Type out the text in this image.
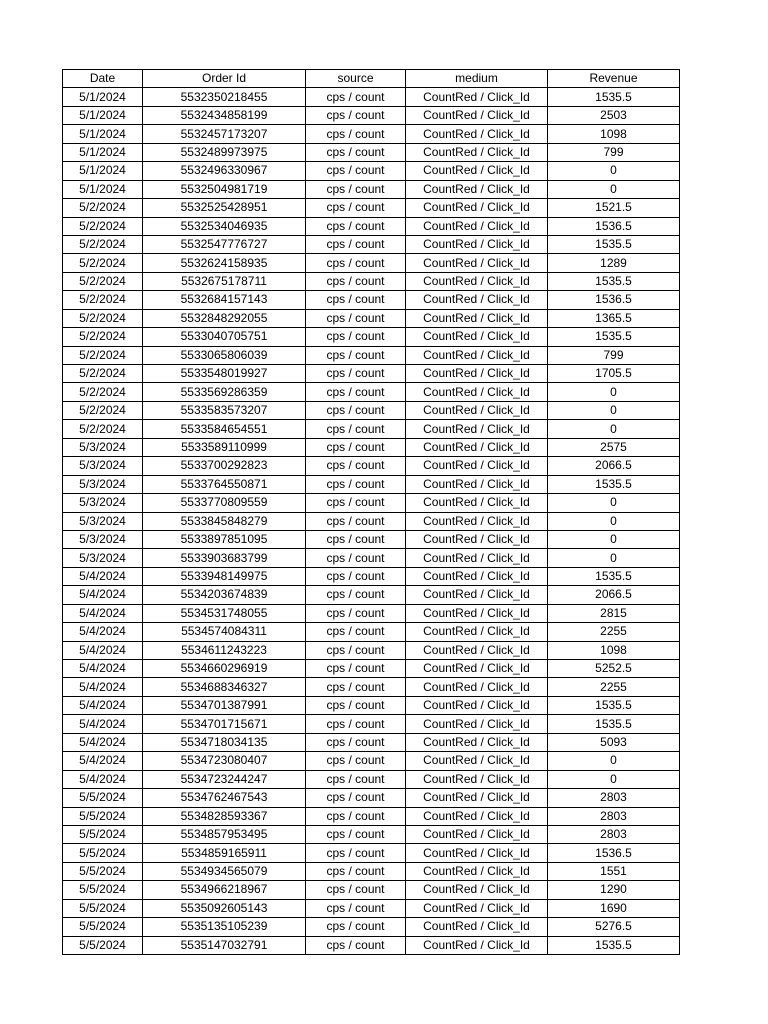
Date	Order Id	source	medium	Revenue
5/1/2024	5532350218455	cps / count	CountRed / Click_Id	1535.5
5/1/2024	5532434858199	cps / count	CountRed / Click_Id	2503
5/1/2024	5532457173207	cps / count	CountRed / Click_Id	1098
5/1/2024	5532489973975	cps / count	CountRed / Click_Id	799
5/1/2024	5532496330967	cps / count	CountRed / Click_Id	0
5/1/2024	5532504981719	cps / count	CountRed / Click_Id	0
5/2/2024	5532525428951	cps / count	CountRed / Click_Id	1521.5
5/2/2024	5532534046935	cps / count	CountRed / Click_Id	1536.5
5/2/2024	5532547776727	cps / count	CountRed / Click_Id	1535.5
5/2/2024	5532624158935	cps / count	CountRed / Click_Id	1289
5/2/2024	5532675178711	cps / count	CountRed / Click_Id	1535.5
5/2/2024	5532684157143	cps / count	CountRed / Click_Id	1536.5
5/2/2024	5532848292055	cps / count	CountRed / Click_Id	1365.5
5/2/2024	5533040705751	cps / count	CountRed / Click_Id	1535.5
5/2/2024	5533065806039	cps / count	CountRed / Click_Id	799
5/2/2024	5533548019927	cps / count	CountRed / Click_Id	1705.5
5/2/2024	5533569286359	cps / count	CountRed / Click_Id	0
5/2/2024	5533583573207	cps / count	CountRed / Click_Id	0
5/2/2024	5533584654551	cps / count	CountRed / Click_Id	0
5/3/2024	5533589110999	cps / count	CountRed / Click_Id	2575
5/3/2024	5533700292823	cps / count	CountRed / Click_Id	2066.5
5/3/2024	5533764550871	cps / count	CountRed / Click_Id	1535.5
5/3/2024	5533770809559	cps / count	CountRed / Click_Id	0
5/3/2024	5533845848279	cps / count	CountRed / Click_Id	0
5/3/2024	5533897851095	cps / count	CountRed / Click_Id	0
5/3/2024	5533903683799	cps / count	CountRed / Click_Id	0
5/4/2024	5533948149975	cps / count	CountRed / Click_Id	1535.5
5/4/2024	5534203674839	cps / count	CountRed / Click_Id	2066.5
5/4/2024	5534531748055	cps / count	CountRed / Click_Id	2815
5/4/2024	5534574084311	cps / count	CountRed / Click_Id	2255
5/4/2024	5534611243223	cps / count	CountRed / Click_Id	1098
5/4/2024	5534660296919	cps / count	CountRed / Click_Id	5252.5
5/4/2024	5534688346327	cps / count	CountRed / Click_Id	2255
5/4/2024	5534701387991	cps / count	CountRed / Click_Id	1535.5
5/4/2024	5534701715671	cps / count	CountRed / Click_Id	1535.5
5/4/2024	5534718034135	cps / count	CountRed / Click_Id	5093
5/4/2024	5534723080407	cps / count	CountRed / Click_Id	0
5/4/2024	5534723244247	cps / count	CountRed / Click_Id	0
5/5/2024	5534762467543	cps / count	CountRed / Click_Id	2803
5/5/2024	5534828593367	cps / count	CountRed / Click_Id	2803
5/5/2024	5534857953495	cps / count	CountRed / Click_Id	2803
5/5/2024	5534859165911	cps / count	CountRed / Click_Id	1536.5
5/5/2024	5534934565079	cps / count	CountRed / Click_Id	1551
5/5/2024	5534966218967	cps / count	CountRed / Click_Id	1290
5/5/2024	5535092605143	cps / count	CountRed / Click_Id	1690
5/5/2024	5535135105239	cps / count	CountRed / Click_Id	5276.5
5/5/2024	5535147032791	cps / count	CountRed / Click_Id	1535.5
